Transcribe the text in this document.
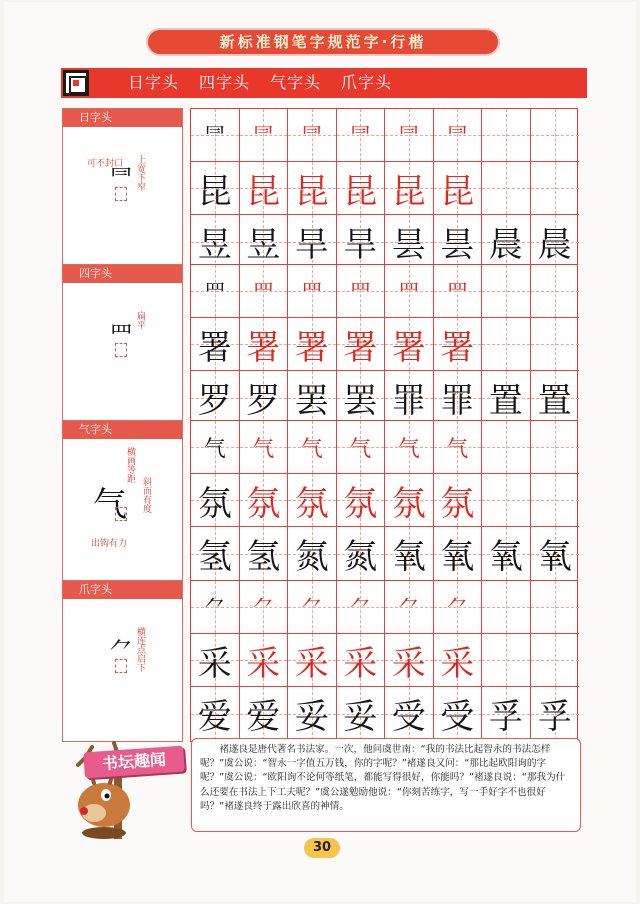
新标准钢笔字规范字·行楷
日字头 四字头 气字头 爪字头
日字头
⺜
可不封口 上宽下窄
⺜	⺜	⺜	⺜	⺜	⺜
昆 昆 昆 昆 昆 昆
昱 昱 旱 旱 昙 昙 晨 晨
四字头
罒
扁平
罒	罒	罒	罒	罒	罒
署 署 署 署 署 署
罗 罗 罢 罢 罪 罪 置 置
气字头
气
横画等距
斜而有度
出钩有力
气	气	气	气	气	气
氛 氛 氛 氛 氛 氛
氢 氢 氮 氮 氧 氧 氧 氧
爪字头
⺈ 横连点启下
⺈	⺈	⺈	⺈	⺈	⺈
采 采 采 采 采 采
爱 爱 妥 妥 受 受 孚 孚
书坛趣闻
褚遂良是唐代著名书法家。一次，他问虞世南：“我的书法比起智永的书法怎样呢？”虞公说：“智永一字值五万钱，你的字呢？”褚遂良又问：“那比起欧阳询的字呢？”虞公说：“欧阳询不论何等纸笔，都能写得很好，你能吗？”褚遂良说：“那我为什么还要在书法上下工夫呢？”虞公遂勉励他说：“你刻苦练字，写一手好字不也很好吗？”褚遂良终于露出欣喜的神情。
30
